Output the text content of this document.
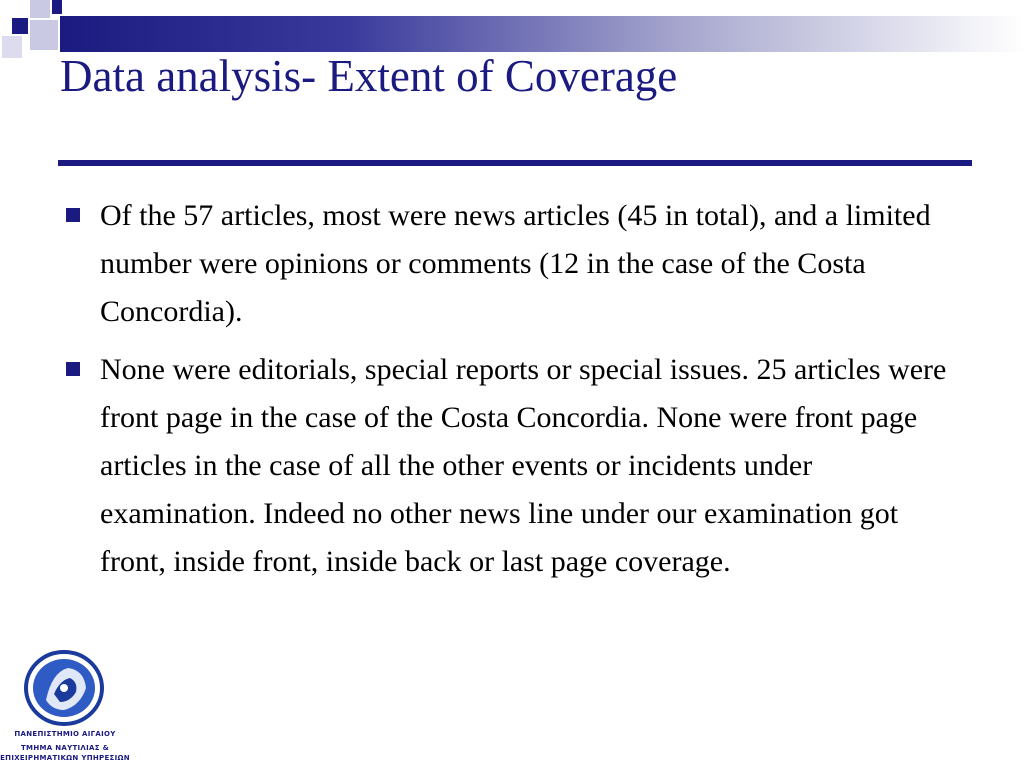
Data analysis- Extent of Coverage
Of the 57 articles, most were news articles (45 in total), and a limited number were opinions or comments (12 in the case of the Costa Concordia).
None were editorials, special reports or special issues. 25 articles were front page in the case of the Costa Concordia. None were front page articles in the case of all the other events or incidents under examination. Indeed no other news line under our examination got front, inside front, inside back or last page coverage.
ΠΑΝΕΠΙΣΤΗΜΙΟ ΑΙΓΑΙΟΥ
ΤΜΗΜΑ ΝΑΥΤΙΛΙΑΣ &
ΕΠΙΧΕΙΡΗΜΑΤΙΚΩΝ ΥΠΗΡΕΣΙΩΝ
